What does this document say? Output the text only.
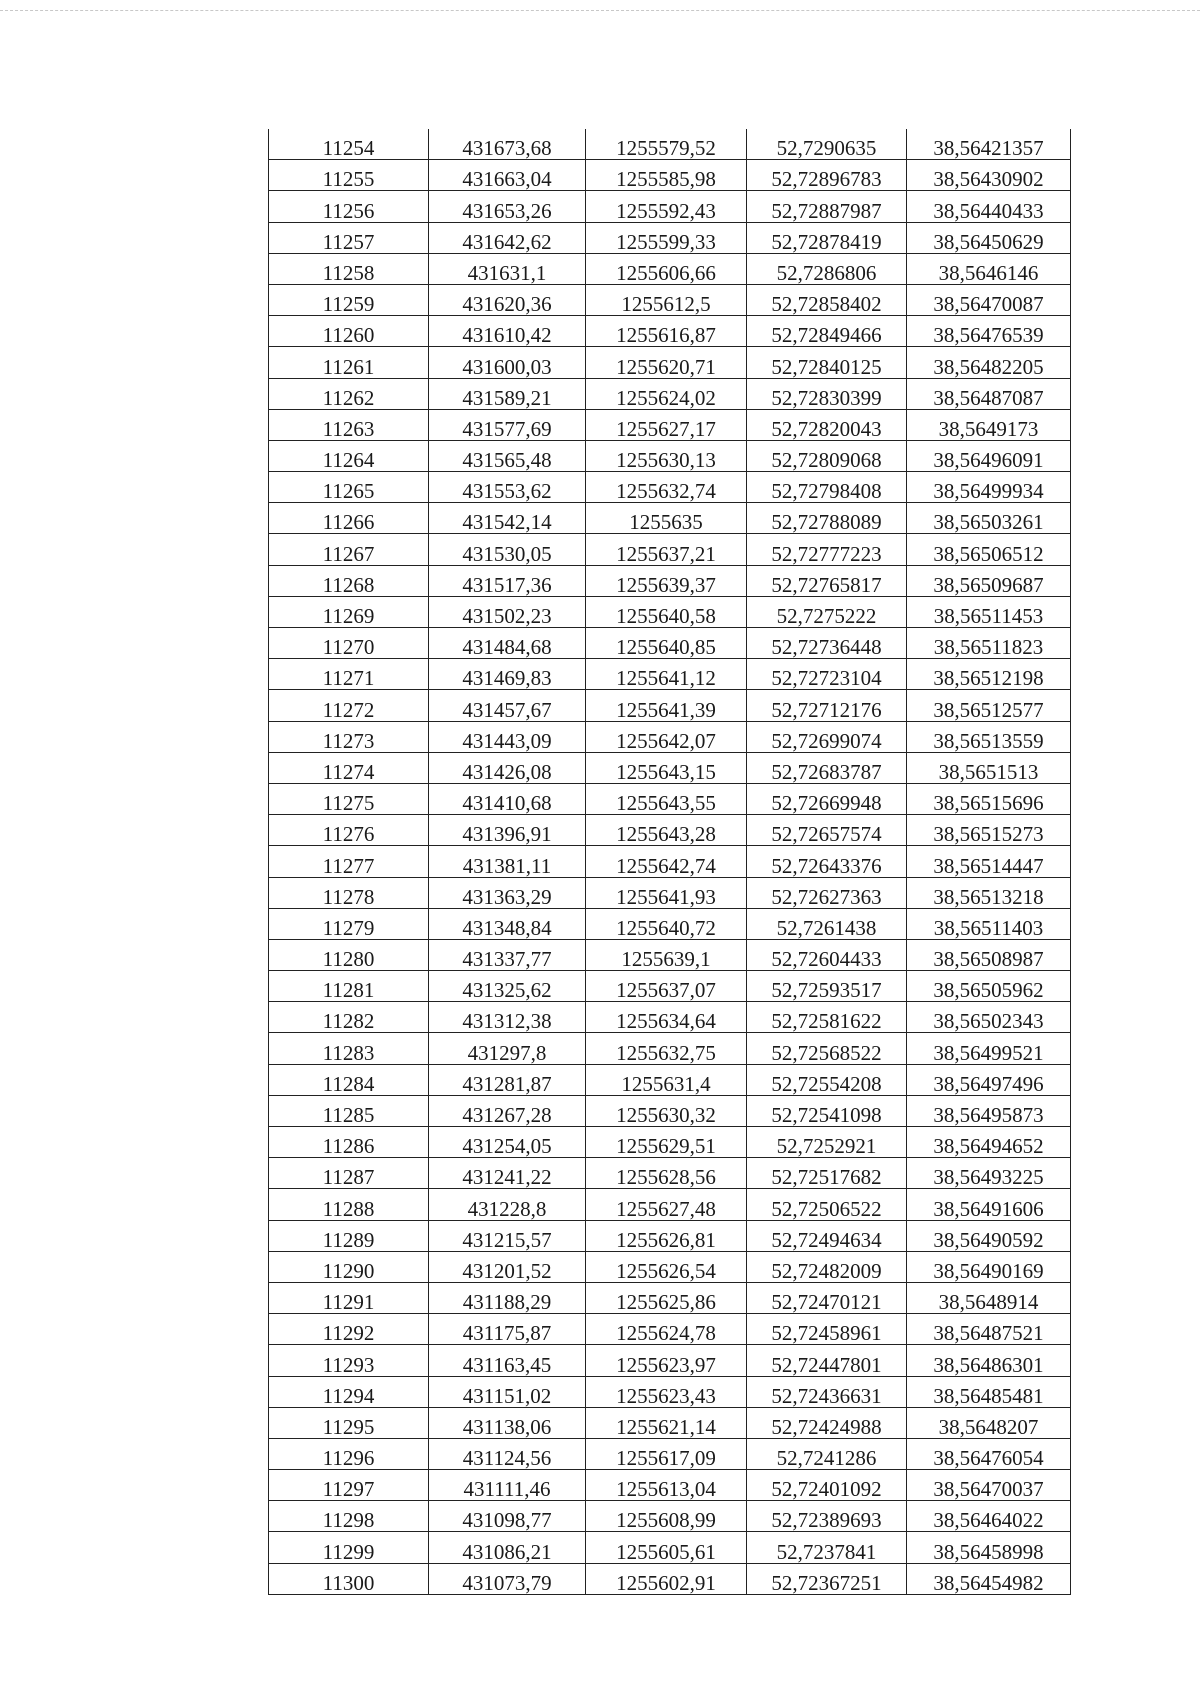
11254	431673,68	1255579,52	52,7290635	38,56421357
11255	431663,04	1255585,98	52,72896783	38,56430902
11256	431653,26	1255592,43	52,72887987	38,56440433
11257	431642,62	1255599,33	52,72878419	38,56450629
11258	431631,1	1255606,66	52,7286806	38,5646146
11259	431620,36	1255612,5	52,72858402	38,56470087
11260	431610,42	1255616,87	52,72849466	38,56476539
11261	431600,03	1255620,71	52,72840125	38,56482205
11262	431589,21	1255624,02	52,72830399	38,56487087
11263	431577,69	1255627,17	52,72820043	38,5649173
11264	431565,48	1255630,13	52,72809068	38,56496091
11265	431553,62	1255632,74	52,72798408	38,56499934
11266	431542,14	1255635	52,72788089	38,56503261
11267	431530,05	1255637,21	52,72777223	38,56506512
11268	431517,36	1255639,37	52,72765817	38,56509687
11269	431502,23	1255640,58	52,7275222	38,56511453
11270	431484,68	1255640,85	52,72736448	38,56511823
11271	431469,83	1255641,12	52,72723104	38,56512198
11272	431457,67	1255641,39	52,72712176	38,56512577
11273	431443,09	1255642,07	52,72699074	38,56513559
11274	431426,08	1255643,15	52,72683787	38,5651513
11275	431410,68	1255643,55	52,72669948	38,56515696
11276	431396,91	1255643,28	52,72657574	38,56515273
11277	431381,11	1255642,74	52,72643376	38,56514447
11278	431363,29	1255641,93	52,72627363	38,56513218
11279	431348,84	1255640,72	52,7261438	38,56511403
11280	431337,77	1255639,1	52,72604433	38,56508987
11281	431325,62	1255637,07	52,72593517	38,56505962
11282	431312,38	1255634,64	52,72581622	38,56502343
11283	431297,8	1255632,75	52,72568522	38,56499521
11284	431281,87	1255631,4	52,72554208	38,56497496
11285	431267,28	1255630,32	52,72541098	38,56495873
11286	431254,05	1255629,51	52,7252921	38,56494652
11287	431241,22	1255628,56	52,72517682	38,56493225
11288	431228,8	1255627,48	52,72506522	38,56491606
11289	431215,57	1255626,81	52,72494634	38,56490592
11290	431201,52	1255626,54	52,72482009	38,56490169
11291	431188,29	1255625,86	52,72470121	38,5648914
11292	431175,87	1255624,78	52,72458961	38,56487521
11293	431163,45	1255623,97	52,72447801	38,56486301
11294	431151,02	1255623,43	52,72436631	38,56485481
11295	431138,06	1255621,14	52,72424988	38,5648207
11296	431124,56	1255617,09	52,7241286	38,56476054
11297	431111,46	1255613,04	52,72401092	38,56470037
11298	431098,77	1255608,99	52,72389693	38,56464022
11299	431086,21	1255605,61	52,7237841	38,56458998
11300	431073,79	1255602,91	52,72367251	38,56454982
